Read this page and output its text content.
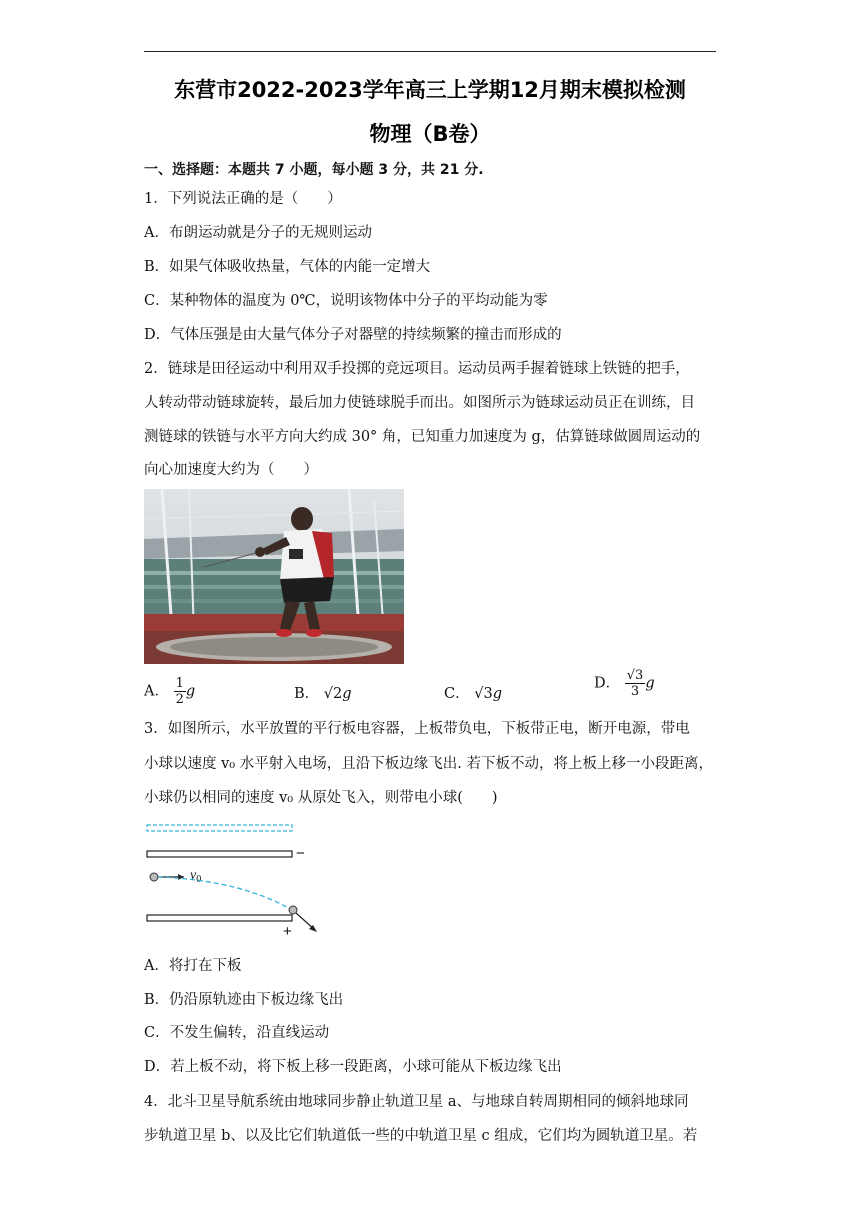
东营市2022-2023学年高三上学期12月期末模拟检测
物理（B卷）
一、选择题：本题共 7 小题，每小题 3 分，共 21 分.
1．下列说法正确的是（　　）
A．布朗运动就是分子的无规则运动
B．如果气体吸收热量，气体的内能一定增大
C．某种物体的温度为 0℃，说明该物体中分子的平均动能为零
D．气体压强是由大量气体分子对器壁的持续频繁的撞击而形成的
2．链球是田径运动中利用双手投掷的竞远项目。运动员两手握着链球上铁链的把手，
人转动带动链球旋转，最后加力使链球脱手而出。如图所示为链球运动员正在训练，目
测链球的铁链与水平方向大约成 30° 角，已知重力加速度为 g，估算链球做圆周运动的
向心加速度大约为（　　）
A． $\frac{1}{2}$ g	B． √2g	C． √3g
D． $\frac{√3}{3}$ g
3．如图所示，水平放置的平行板电容器，上板带负电，下板带正电，断开电源，带电
小球以速度 v₀ 水平射入电场，且沿下板边缘飞出. 若下板不动，将上板上移一小段距离，
小球仍以相同的速度 v₀ 从原处飞入，则带电小球(　　)
−
$v_0$
+
A．将打在下板
B．仍沿原轨迹由下板边缘飞出
C．不发生偏转，沿直线运动
D．若上板不动，将下板上移一段距离，小球可能从下板边缘飞出
4．北斗卫星导航系统由地球同步静止轨道卫星 a、与地球自转周期相同的倾斜地球同
步轨道卫星 b、以及比它们轨道低一些的中轨道卫星 c 组成，它们均为圆轨道卫星。若
